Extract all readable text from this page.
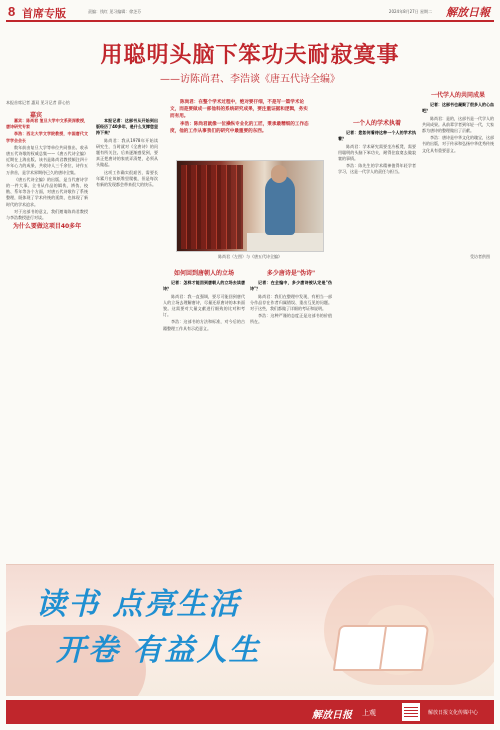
8 首席专版	责编：钱红 见习编辑：徐芝芬	2024年8月27日 星期二 解放日報
用聪明头脑下笨功夫耐寂寞事
——访陈尚君、李浩谈《唐五代诗全编》
本报首席记者 惠双 见习记者 薛心怡
嘉宾

陈尚君：在整个学术过程中，绝对要仔细，不是写一篇学术论文，而是要做成一部他科的系统研究成果，要注重证据和逻辑，务实而有用。

李浩：陈尚君就像一位操纵专业化的工匠，秉承最精细的工作态度，他的工作从事我们的研究中最重要的东西。

陈尚君（左图）与《唐五代诗全编》	受访者供图

嘉宾：陈尚君 复旦大学中文系资深教授，唐诗研究专家

李浩：西北大学文学院教授，中国唐代文学学会会长

数年前由复旦大学等单位共同推出、收录唐五代诗歌的权威总集——《唐五代诗全编》近期在上海出版。该书是陈尚君教授倾注四十多年心力的成果，共收诗人三千余位，诗作五万余首，是学术界期待已久的唐诗全集。

《唐五代诗全编》的出版，是当代唐诗学的一件大事。全书从作品的辑佚、辨伪、校勘、系年等各个方面，对唐五代诗歌作了系统整理，既体现了学术传统的延续，也体现了新时代的学术追求。

对于这部书的意义，我们邀请陈尚君教授与李浩教授进行对谈。

为什么要做这项目40多年

本报记者：这部书从开始到出版经历了40多年，是什么支撑您坚持下来？

陈尚君：我从1978年开始读研究生，当时就对《全唐诗》的问题有所关注。后来逐渐感觉到，要真正把唐诗的家底弄清楚，必须从头做起。

这项工作确实很艰苦，需要长年累月在故纸堆里爬梳，但是每次有新的发现都会带来很大的快乐。

如何回到唐朝人的立场

记者：怎样才能回到唐朝人的立场去读唐诗？

陈尚君：我一直强调，要尽可能回到唐代人的立场去理解唐诗，尽量还原唐诗的本来面貌。这需要对大量文献进行细致的比对和考订。

李浩：这部书的方法和标准，对今后的古籍整理工作具有示范意义。

多少唐诗是"伪诗"

记者：在全编中，多少唐诗被认定是"伪诗"？

陈尚君：我们在整理中发现，有相当一部分作品存在作者归属错误、重出互见的问题。对于这些，我们都做了详细的考证和说明。

李浩：这种严谨的态度正是这部书的价值所在。

一个人的学术执着

记者：您如何看待这种一个人的学术执着？

陈尚君：学术研究需要坐冷板凳，需要用聪明的头脑下笨功夫，耐得住寂寞去做寂寞的事情。

李浩：陈先生的学术精神值得年轻学者学习，这是一代学人的责任与担当。

一代学人的共同成果

记者：这部书也凝聚了很多人的心血吧？

陈尚君：是的，这部书是一代学人的共同成果。从前辈学者到年轻一代，大家都为唐诗的整理做出了贡献。

李浩：唐诗是中华文化的瑰宝，这部书的出版，对于传承和弘扬中华优秀传统文化具有重要意义。

读书 点亮生活
开卷 有益人生
解放日报 上观	解放日报文化传媒中心
